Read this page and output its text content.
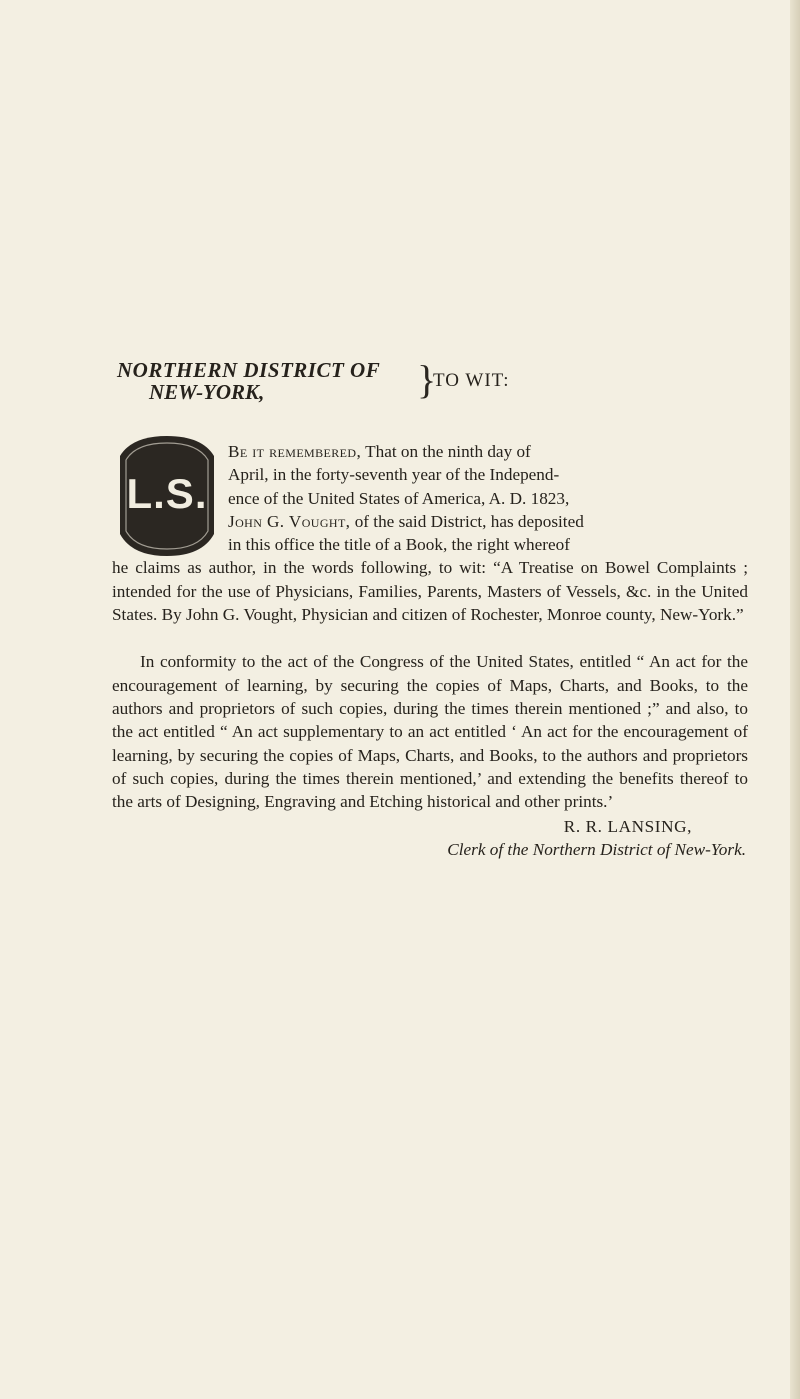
NORTHERN DISTRICT OF
NEW-YORK,	}
TO WIT:
L.S.

Be it remembered, That on the ninth day of
April, in the forty-seventh year of the Independ-
ence of the United States of America, A. D. 1823,
John G. Vought, of the said District, has deposited
in this office the title of a Book, the right whereof
he claims as author, in the words following, to wit: “A Treatise on Bowel Complaints ; intended for the use of Physicians, Families, Parents, Masters of Vessels, &c. in the United States. By John G. Vought, Physician and citizen of Rochester, Monroe county, New-York.”

In conformity to the act of the Congress of the United States, entitled “ An act for the encouragement of learning, by securing the copies of Maps, Charts, and Books, to the authors and proprietors of such copies, during the times therein mentioned ;” and also, to the act entitled “ An act supplementary to an act entitled ‘ An act for the encouragement of learning, by securing the copies of Maps, Charts, and Books, to the authors and proprietors of such copies, during the times therein mentioned,’ and extending the benefits thereof to the arts of Designing, Engraving and Etching historical and other prints.’

R. R. LANSING,
Clerk of the Northern District of New-York.
